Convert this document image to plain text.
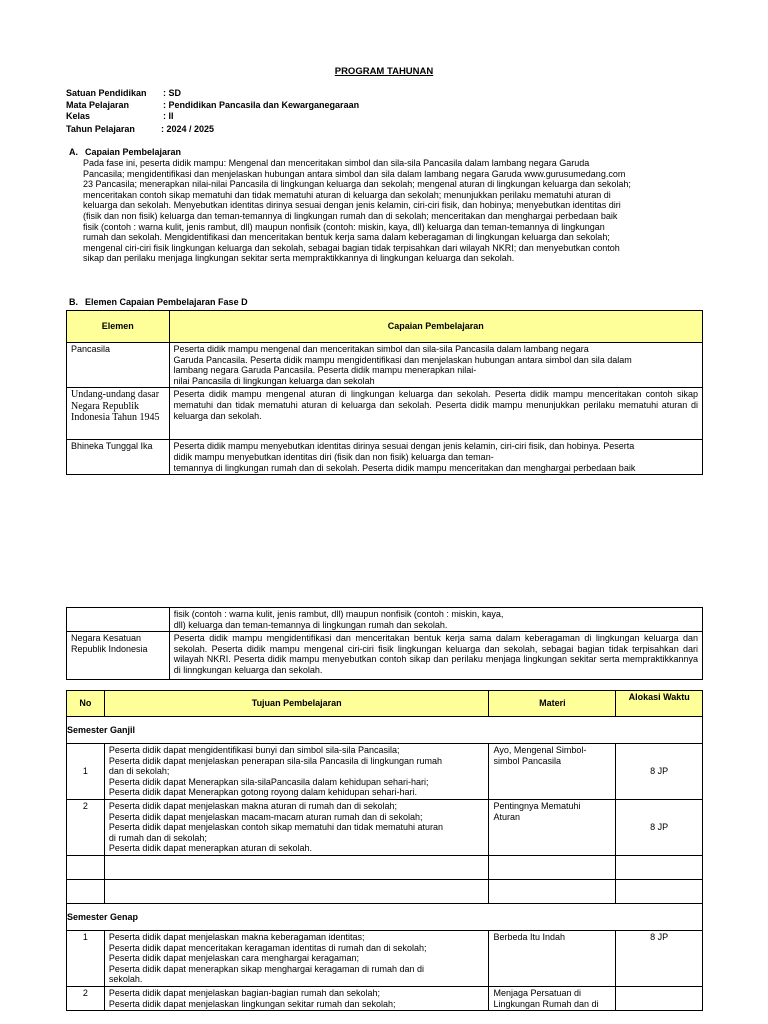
PROGRAM TAHUNAN
Satuan Pendidikan : SD
Mata Pelajaran	: Pendidikan Pancasila dan Kewarganegaraan
Kelas	: II
Tahun Pelajaran	: 2024 / 2025
A. Capaian Pembelajaran
Pada fase ini, peserta didik mampu: Mengenal dan menceritakan simbol dan sila-sila Pancasila dalam lambang negara Garuda
Pancasila; mengidentifikasi dan menjelaskan hubungan antara simbol dan sila dalam lambang negara Garuda www.gurusumedang.com
23 Pancasila; menerapkan nilai-nilai Pancasila di lingkungan keluarga dan sekolah; mengenal aturan di lingkungan keluarga dan sekolah;
menceritakan contoh sikap mematuhi dan tidak mematuhi aturan di keluarga dan sekolah; menunjukkan perilaku mematuhi aturan di
keluarga dan sekolah. Menyebutkan identitas dirinya sesuai dengan jenis kelamin, ciri-ciri fisik, dan hobinya; menyebutkan identitas diri
(fisik dan non fisik) keluarga dan teman-temannya di lingkungan rumah dan di sekolah; menceritakan dan menghargai perbedaan baik
fisik (contoh : warna kulit, jenis rambut, dll) maupun nonfisik (contoh: miskin, kaya, dll) keluarga dan teman-temannya di lingkungan
rumah dan sekolah. Mengidentifikasi dan menceritakan bentuk kerja sama dalam keberagaman di lingkungan keluarga dan sekolah;
mengenal ciri-ciri fisik lingkungan keluarga dan sekolah, sebagai bagian tidak terpisahkan dari wilayah NKRI; dan menyebutkan contoh
sikap dan perilaku menjaga lingkungan sekitar serta mempraktikkannya di lingkungan keluarga dan sekolah.
B. Elemen Capaian Pembelajaran Fase D
Elemen	Capaian Pembelajaran
Pancasila	Peserta didik mampu mengenal dan menceritakan simbol dan sila-sila Pancasila dalam lambang negara
Garuda Pancasila. Peserta didik mampu mengidentifikasi dan menjelaskan hubungan antara simbol dan sila dalam
lambang negara Garuda Pancasila. Peserta didik mampu menerapkan nilai-
nilai Pancasila di lingkungan keluarga dan sekolah

Undang-undang dasar Negara Republik Indonesia Tahun 1945	Peserta didik mampu mengenal aturan di lingkungan keluarga dan sekolah. Peserta didik mampu menceritakan contoh sikap mematuhi dan tidak mematuhi aturan di keluarga dan sekolah. Peserta didik mampu menunjukkan perilaku mematuhi aturan di keluarga dan sekolah.
Bhineka Tunggal Ika	Peserta didik mampu menyebutkan identitas dirinya sesuai dengan jenis kelamin, ciri-ciri fisik, dan hobinya. Peserta
didik mampu menyebutkan identitas diri (fisik dan non fisik) keluarga dan teman-
temannya di lingkungan rumah dan di sekolah. Peserta didik mampu menceritakan dan menghargai perbedaan baik

	fisik (contoh : warna kulit, jenis rambut, dll) maupun nonfisik (contoh : miskin, kaya,
dll) keluarga dan teman-temannya di lingkungan rumah dan sekolah.

Negara Kesatuan Republik Indonesia	Peserta didik mampu mengidentifikasi dan menceritakan bentuk kerja sama dalam keberagaman di lingkungan keluarga dan sekolah. Peserta didik mampu mengenal ciri-ciri fisik lingkungan keluarga dan sekolah, sebagai bagian tidak terpisahkan dari wilayah NKRI. Peserta didik mampu menyebutkan contoh sikap dan perilaku menjaga lingkungan sekitar serta mempraktikkannya di linngkungan keluarga dan sekolah.
No	Tujuan Pembelajaran	Materi	Alokasi Waktu
Semester Ganjil			
1	Peserta didik dapat mengidentifikasi bunyi dan simbol sila-sila Pancasila;
Peserta didik dapat menjelaskan penerapan sila-sila Pancasila di lingkungan rumah
dan di sekolah;
Peserta didik dapat Menerapkan sila-silaPancasila dalam kehidupan sehari-hari;
Peserta didik dapat Menerapkan gotong royong dalam kehidupan sehari-hari.	Ayo, Mengenal Simbol-
simbol Pancasila	8 JP
2	Peserta didik dapat menjelaskan makna aturan di rumah dan di sekolah;
Peserta didik dapat menjelaskan macam-macam aturan rumah dan di sekolah;
Peserta didik dapat menjelaskan contoh sikap mematuhi dan tidak mematuhi aturan
di rumah dan di sekolah;
Peserta didik dapat menerapkan aturan di sekolah.	Pentingnya Mematuhi
Aturan	8 JP

Semester Genap			
1	Peserta didik dapat menjelaskan makna keberagaman identitas;
Peserta didik dapat menceritakan keragaman identitas di rumah dan di sekolah;
Peserta didik dapat menjelaskan cara menghargai keragaman;
Peserta didik dapat menerapkan sikap menghargai keragaman di rumah dan di
sekolah.	Berbeda Itu Indah	8 JP
2	Peserta didik dapat menjelaskan bagian-bagian rumah dan sekolah;
Peserta didik dapat menjelaskan lingkungan sekitar rumah dan sekolah;	Menjaga Persatuan di
Lingkungan Rumah dan di	
